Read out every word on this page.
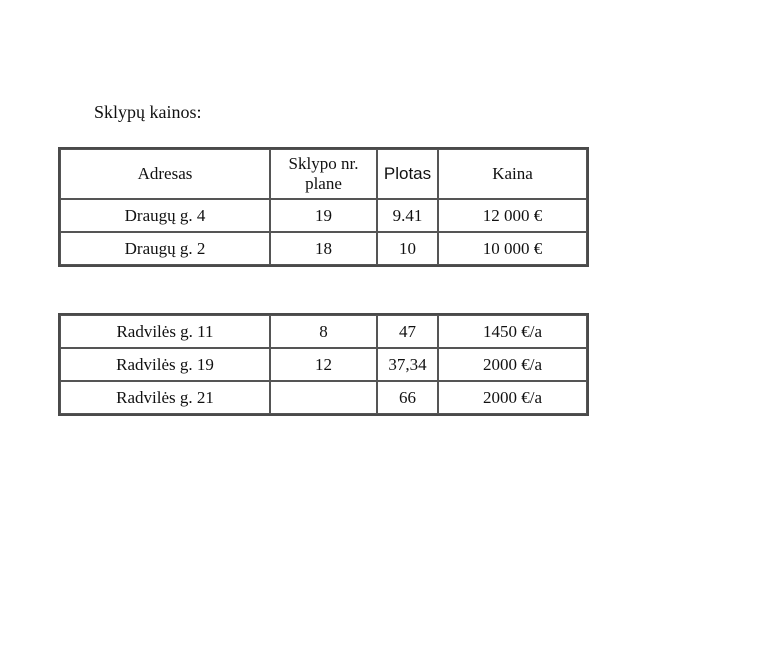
Sklypų kainos:
Adresas	Sklypo nr. plane	Plotas	Kaina
Draugų g. 4	19	9.41	12 000 €
Draugų g. 2	18	10	10 000 €
Radvilės g. 11	8	47	1450 €/a
Radvilės g. 19	12	37,34	2000 €/a
Radvilės g. 21		66	2000 €/a
